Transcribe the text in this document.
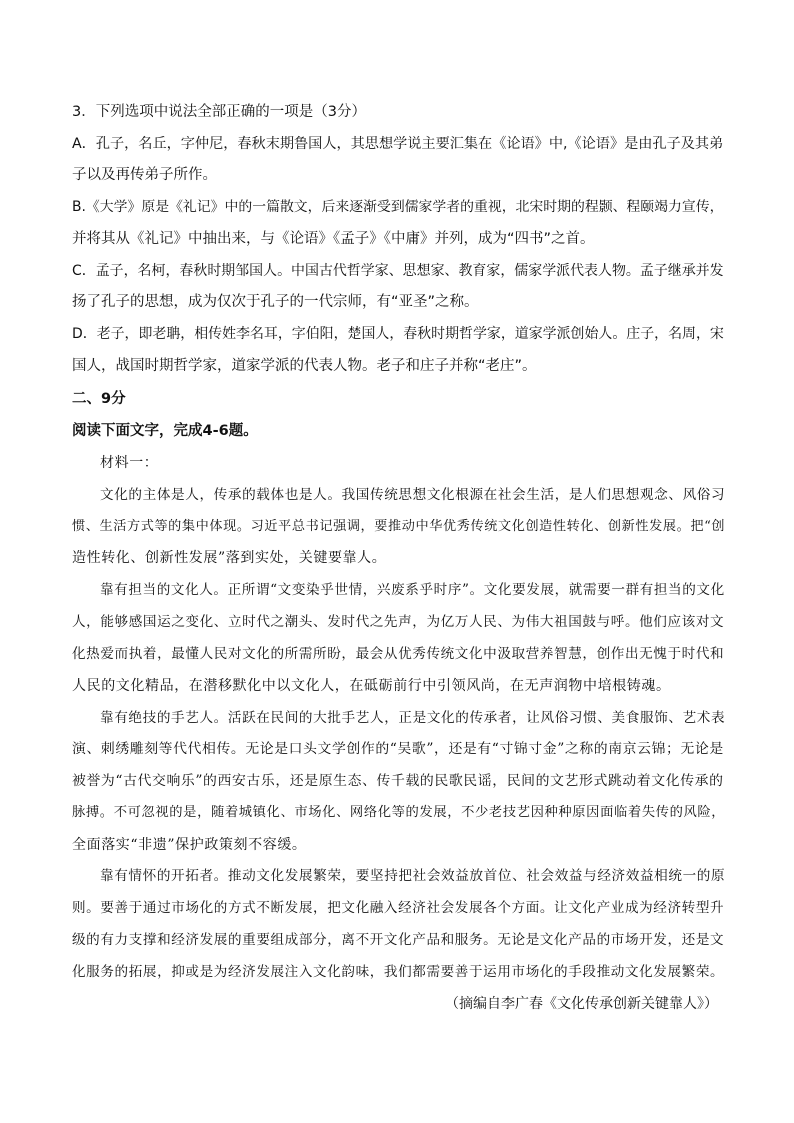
3．下列选项中说法全部正确的一项是（3分）
A．孔子，名丘，字仲尼，春秋末期鲁国人，其思想学说主要汇集在《论语》中,《论语》是由孔子及其弟
子以及再传弟子所作。
B.《大学》原是《礼记》中的一篇散文，后来逐渐受到儒家学者的重视，北宋时期的程颢、程颐竭力宣传，
并将其从《礼记》中抽出来，与《论语》《孟子》《中庸》并列，成为“四书”之首。
C．孟子，名柯，春秋时期邹国人。中国古代哲学家、思想家、教育家，儒家学派代表人物。孟子继承并发
扬了孔子的思想，成为仅次于孔子的一代宗师，有“亚圣”之称。
D．老子，即老聃，相传姓李名耳，字伯阳，楚国人，春秋时期哲学家，道家学派创始人。庄子，名周，宋
国人，战国时期哲学家，道家学派的代表人物。老子和庄子并称“老庄”。
二、9分
阅读下面文字，完成4-6题。
材料一：
文化的主体是人，传承的载体也是人。我国传统思想文化根源在社会生活，是人们思想观念、风俗习
惯、生活方式等的集中体现。习近平总书记强调，要推动中华优秀传统文化创造性转化、创新性发展。把“创
造性转化、创新性发展”落到实处，关键要靠人。
靠有担当的文化人。正所谓“文变染乎世情，兴废系乎时序”。文化要发展，就需要一群有担当的文化
人，能够感国运之变化、立时代之潮头、发时代之先声，为亿万人民、为伟大祖国鼓与呼。他们应该对文
化热爱而执着，最懂人民对文化的所需所盼，最会从优秀传统文化中汲取营养智慧，创作出无愧于时代和
人民的文化精品，在潜移默化中以文化人，在砥砺前行中引领风尚，在无声润物中培根铸魂。
靠有绝技的手艺人。活跃在民间的大批手艺人，正是文化的传承者，让风俗习惯、美食服饰、艺术表
演、刺绣雕刻等代代相传。无论是口头文学创作的“吴歌”，还是有“寸锦寸金”之称的南京云锦；无论是
被誉为“古代交响乐”的西安古乐，还是原生态、传千载的民歌民谣，民间的文艺形式跳动着文化传承的
脉搏。不可忽视的是，随着城镇化、市场化、网络化等的发展，不少老技艺因种种原因面临着失传的风险，
全面落实“非遗”保护政策刻不容缓。
靠有情怀的开拓者。推动文化发展繁荣，要坚持把社会效益放首位、社会效益与经济效益相统一的原
则。要善于通过市场化的方式不断发展，把文化融入经济社会发展各个方面。让文化产业成为经济转型升
级的有力支撑和经济发展的重要组成部分，离不开文化产品和服务。无论是文化产品的市场开发，还是文
化服务的拓展，抑或是为经济发展注入文化韵味，我们都需要善于运用市场化的手段推动文化发展繁荣。
（摘编自李广春《文化传承创新关键靠人》）
